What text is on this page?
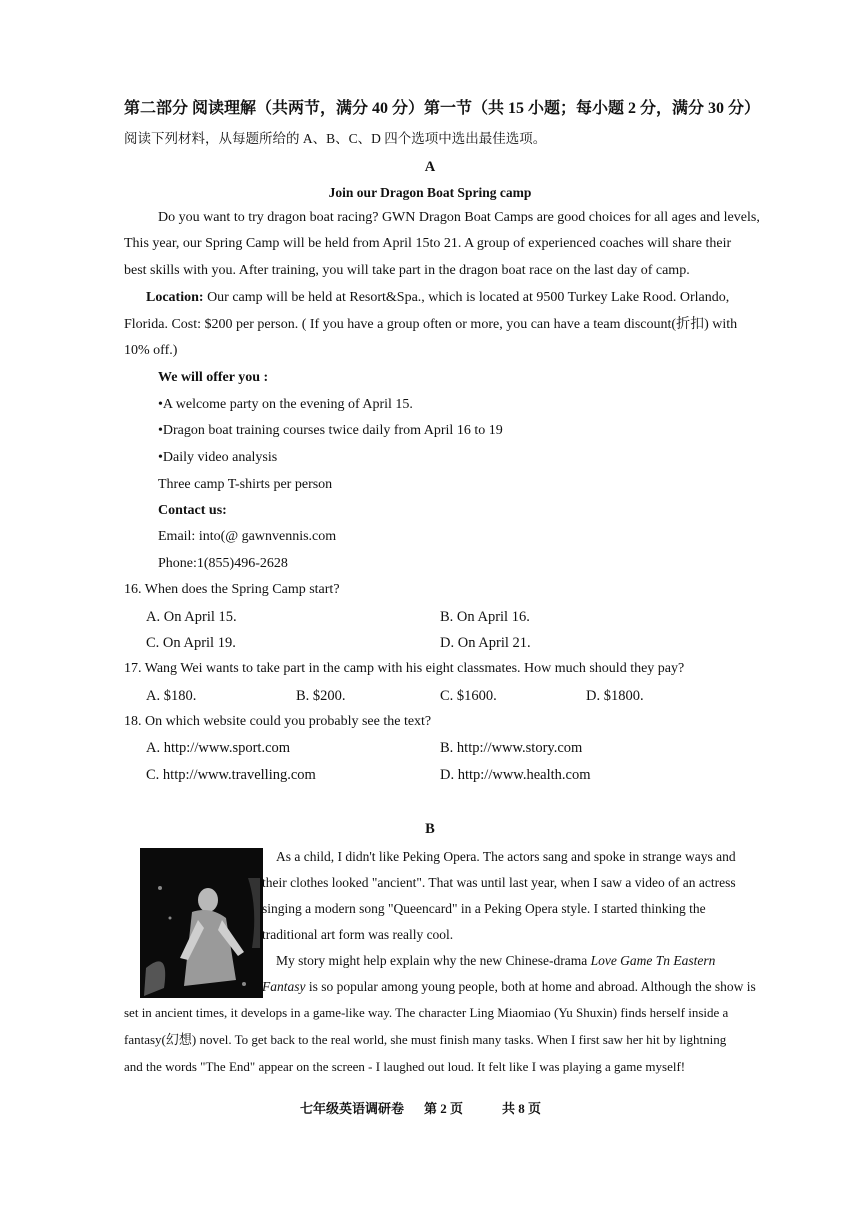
第二部分 阅读理解（共两节，满分 40 分）第一节（共 15 小题；每小题 2 分，满分 30 分）
阅读下列材料，从每题所给的 A、B、C、D 四个选项中选出最佳选项。
A
Join our Dragon Boat Spring camp
Do you want to try dragon boat racing? GWN Dragon Boat Camps are good choices for all ages and levels,
This year, our Spring Camp will be held from April 15to 21. A group of experienced coaches will share their
best skills with you. After training, you will take part in the dragon boat race on the last day of camp.
Location: Our camp will be held at Resort&Spa., which is located at 9500 Turkey Lake Rood. Orlando,
Florida. Cost: $200 per person. ( If you have a group often or more, you can have a team discount(折扣) with
10% off.)
We will offer you :
•A welcome party on the evening of April 15.
•Dragon boat training courses twice daily from April 16 to 19
•Daily video analysis
Three camp T-shirts per person
Contact us:
Email: into(@ gawnvennis.com
Phone:1(855)496-2628
16. When does the Spring Camp start?
A. On April 15.	B. On April 16.
C. On April 19.	D. On April 21.
17. Wang Wei wants to take part in the camp with his eight classmates. How much should they pay?
A. $180.	B. $200.	C. $1600.	D. $1800.
18. On which website could you probably see the text?
A. http://www.sport.com	B. http://www.story.com
C. http://www.travelling.com	D. http://www.health.com
B
As a child, I didn't like Peking Opera. The actors sang and spoke in strange ways and
their clothes looked "ancient". That was until last year, when I saw a video of an actress
singing a modern song "Queencard" in a Peking Opera style. I started thinking the
traditional art form was really cool.
My story might help explain why the new Chinese-drama Love Game Tn Eastern
Fantasy is so popular among young people, both at home and abroad. Although the show is
set in ancient times, it develops in a game-like way. The character Ling Miaomiao (Yu Shuxin) finds herself inside a
fantasy(幻想) novel. To get back to the real world, she must finish many tasks. When I first saw her hit by lightning
and the words "The End" appear on the screen - I laughed out loud. It felt like I was playing a game myself!
七年级英语调研卷 第 2 页	共 8 页
